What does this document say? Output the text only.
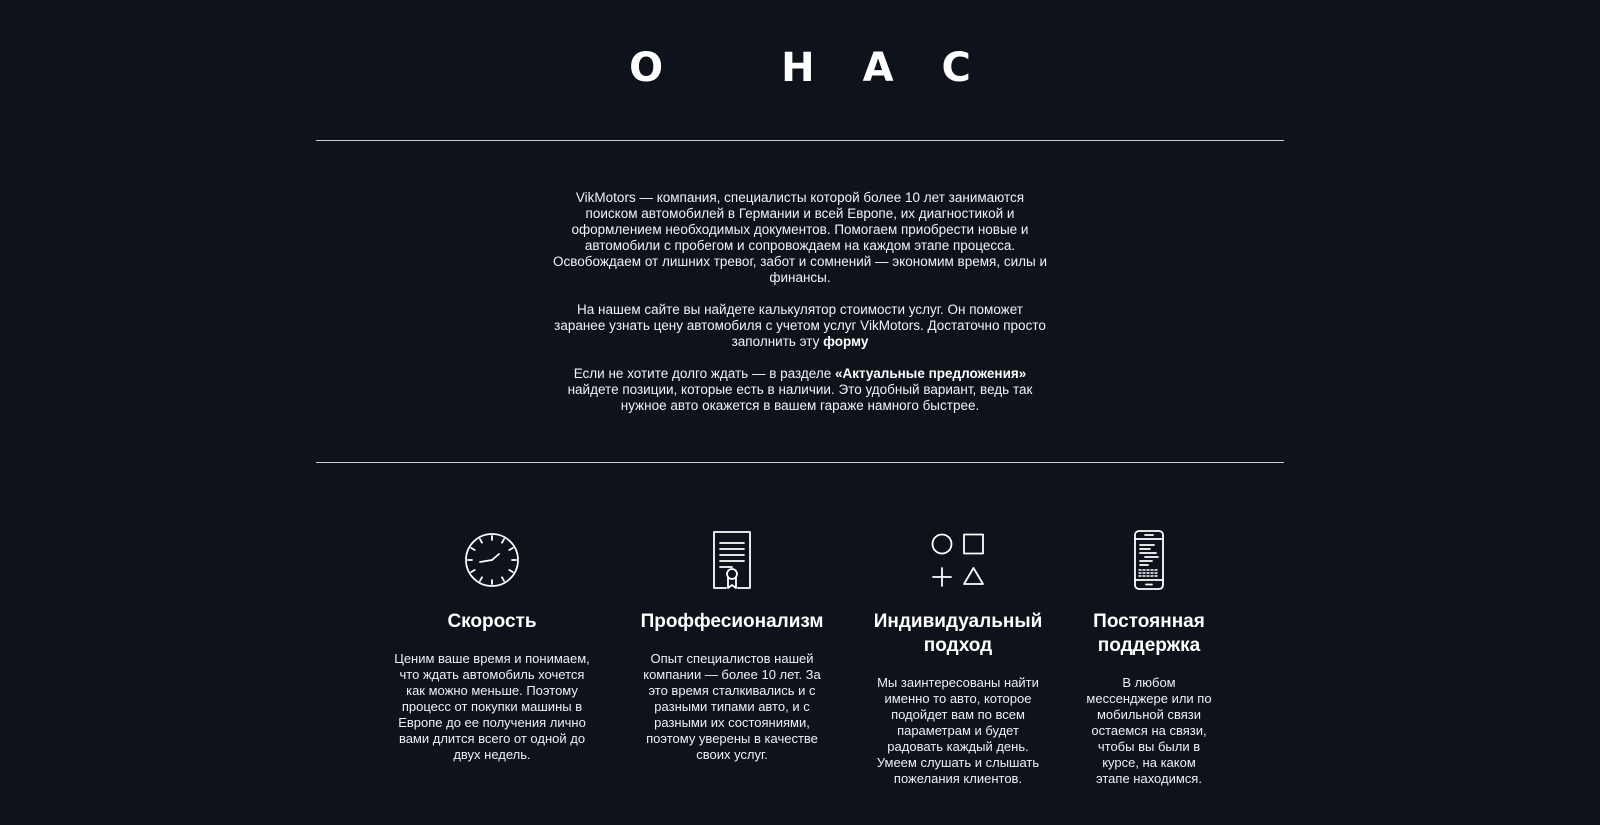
О	Н А С

VikMotors — компания, специалисты которой более 10 лет занимаются поиском автомобилей в Германии и всей Европе, их диагностикой и оформлением необходимых документов. Помогаем приобрести новые и автомобили с пробегом и сопровождаем на каждом этапе процесса. Освобождаем от лишних тревог, забот и сомнений — экономим время, силы и финансы.

На нашем сайте вы найдете калькулятор стоимости услуг. Он поможет заранее узнать цену автомобиля с учетом услуг VikMotors. Достаточно просто заполнить эту форму

Если не хотите долго ждать — в разделе «Актуальные предложения» найдете позиции, которые есть в наличии. Это удобный вариант, ведь так нужное авто окажется в вашем гараже намного быстрее.

Скорость

Ценим ваше время и понимаем, что ждать автомобиль хочется как можно меньше. Поэтому процесс от покупки машины в Европе до ее получения лично вами длится всего от одной до двух недель.

Проффесионализм

Опыт специалистов нашей компании — более 10 лет. За это время сталкивались и с разными типами авто, и с разными их состояниями, поэтому уверены в качестве своих услуг.

Индивидуальный подход

Мы заинтересованы найти именно то авто, которое подойдет вам по всем параметрам и будет радовать каждый день. Умеем слушать и слышать пожелания клиентов.

Постоянная поддержка

В любом мессенджере или по мобильной связи остаемся на связи, чтобы вы были в курсе, на каком этапе находимся.
